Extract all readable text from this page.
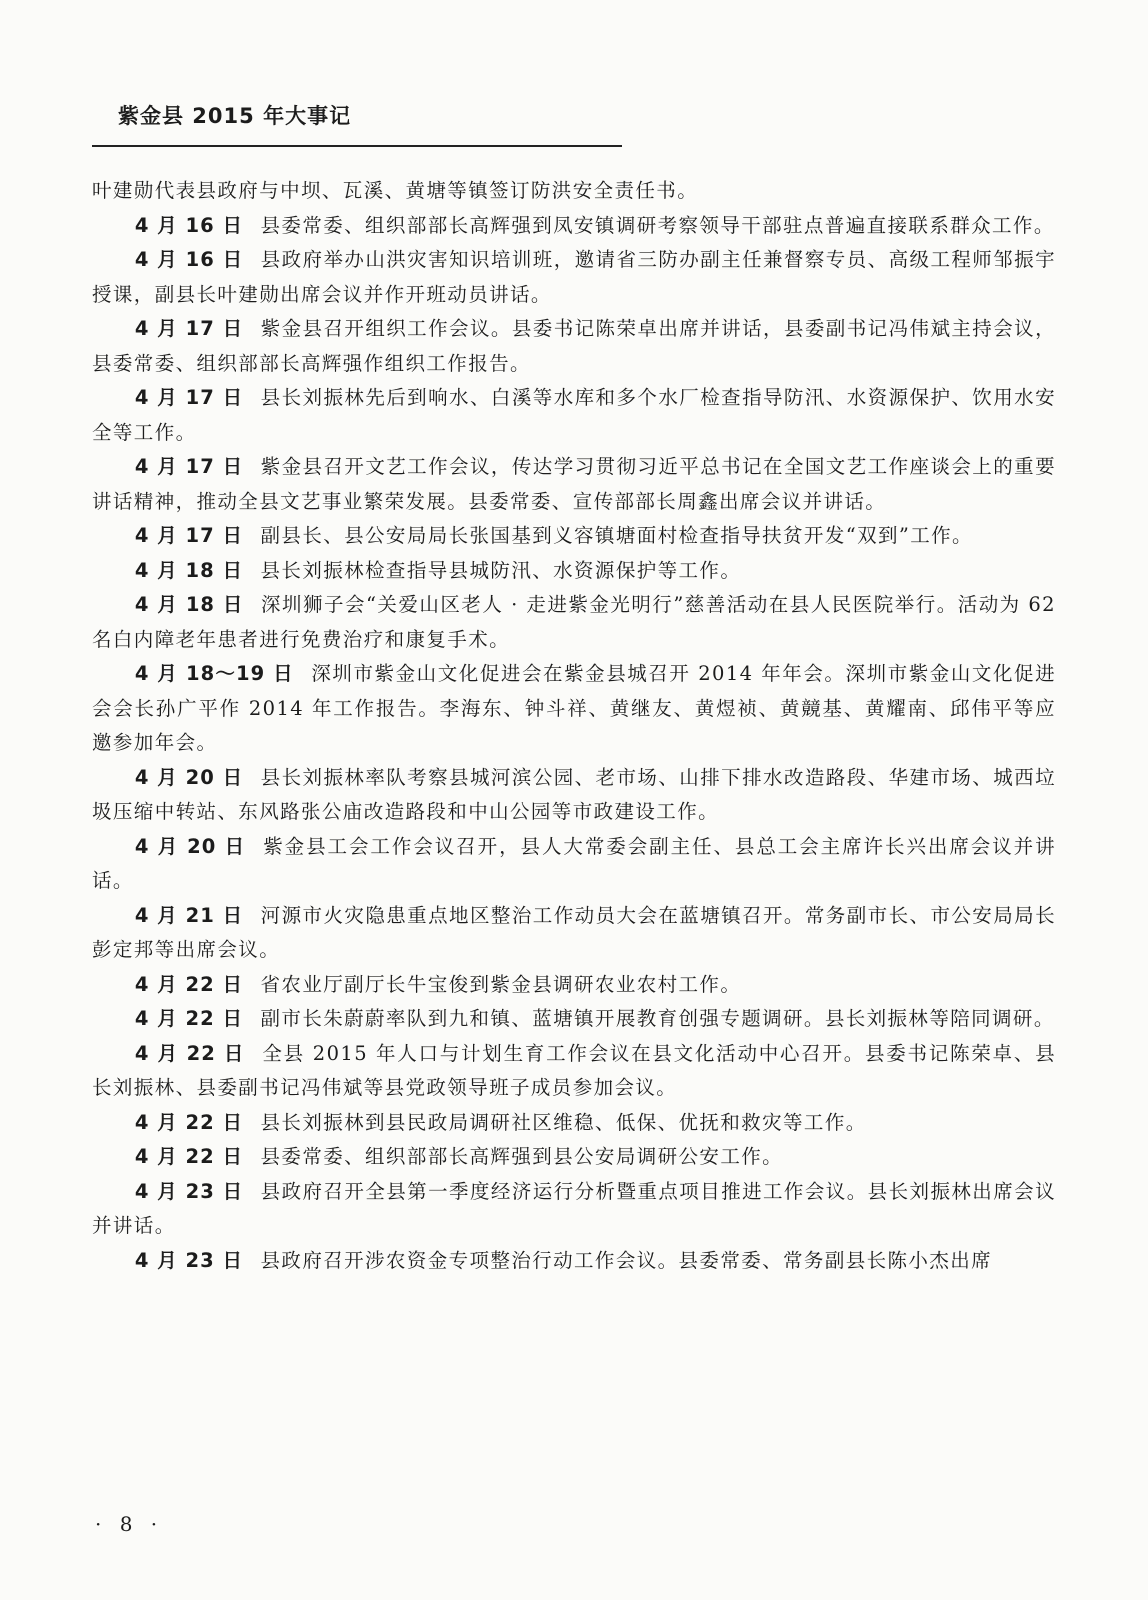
紫金县 2015 年大事记

叶建勋代表县政府与中坝、瓦溪、黄塘等镇签订防洪安全责任书。

4 月 16 日 县委常委、组织部部长高辉强到凤安镇调研考察领导干部驻点普遍直接联系群众工作。

4 月 16 日 县政府举办山洪灾害知识培训班，邀请省三防办副主任兼督察专员、高级工程师邹振宇授课，副县长叶建勋出席会议并作开班动员讲话。

4 月 17 日 紫金县召开组织工作会议。县委书记陈荣卓出席并讲话，县委副书记冯伟斌主持会议，县委常委、组织部部长高辉强作组织工作报告。

4 月 17 日 县长刘振林先后到响水、白溪等水库和多个水厂检查指导防汛、水资源保护、饮用水安全等工作。

4 月 17 日 紫金县召开文艺工作会议，传达学习贯彻习近平总书记在全国文艺工作座谈会上的重要讲话精神，推动全县文艺事业繁荣发展。县委常委、宣传部部长周鑫出席会议并讲话。

4 月 17 日 副县长、县公安局局长张国基到义容镇塘面村检查指导扶贫开发“双到”工作。

4 月 18 日 县长刘振林检查指导县城防汛、水资源保护等工作。

4 月 18 日 深圳狮子会“关爱山区老人 · 走进紫金光明行”慈善活动在县人民医院举行。活动为 62 名白内障老年患者进行免费治疗和康复手术。

4 月 18～19 日 深圳市紫金山文化促进会在紫金县城召开 2014 年年会。深圳市紫金山文化促进会会长孙广平作 2014 年工作报告。李海东、钟斗祥、黄继友、黄煜祯、黄竸基、黄耀南、邱伟平等应邀参加年会。

4 月 20 日 县长刘振林率队考察县城河滨公园、老市场、山排下排水改造路段、华建市场、城西垃圾压缩中转站、东风路张公庙改造路段和中山公园等市政建设工作。

4 月 20 日 紫金县工会工作会议召开，县人大常委会副主任、县总工会主席许长兴出席会议并讲话。

4 月 21 日 河源市火灾隐患重点地区整治工作动员大会在蓝塘镇召开。常务副市长、市公安局局长彭定邦等出席会议。

4 月 22 日 省农业厅副厅长牛宝俊到紫金县调研农业农村工作。

4 月 22 日 副市长朱蔚蔚率队到九和镇、蓝塘镇开展教育创强专题调研。县长刘振林等陪同调研。

4 月 22 日 全县 2015 年人口与计划生育工作会议在县文化活动中心召开。县委书记陈荣卓、县长刘振林、县委副书记冯伟斌等县党政领导班子成员参加会议。

4 月 22 日 县长刘振林到县民政局调研社区维稳、低保、优抚和救灾等工作。

4 月 22 日 县委常委、组织部部长高辉强到县公安局调研公安工作。

4 月 23 日 县政府召开全县第一季度经济运行分析暨重点项目推进工作会议。县长刘振林出席会议并讲话。

4 月 23 日 县政府召开涉农资金专项整治行动工作会议。县委常委、常务副县长陈小杰出席

· 8 ·
